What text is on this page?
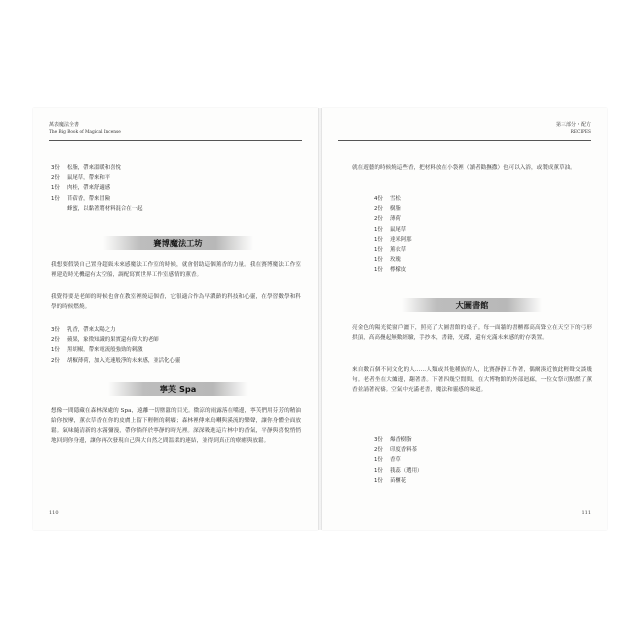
萬表魔法全書
The Big Book of Magical Incense
3份 松脂，帶來溫暖和喜悅
2份 鼠尾草，帶來和平
1份 肉桂，帶來舒適感
1份 苜蓿香，帶來冒險
蜂蜜，以黏著將材料混合在一起
賽博魔法工坊
我想要假裝自己置身超級未來感魔法工作室的時候，就會借助這個薰香的力量。我在賽博魔法工作室裡建造時光機還有太空船，調配寫實世界工作室感情的薰香。
我覺得要是老師的時候也會在教室裡燒這個香，它很適合作為早濃齡的科技和心靈，在學習數學和科學的時候燃燒。
3份 乳香，帶來太陽之力
2份 蘋果，象徵知識的果實還有偉大的老師
1份 黑胡椒，帶來電流般強勁的刺激
2份 胡椒薄荷，加入光速般淨的未來感，並活化心靈
寧芙 Spa
想像一間隱藏在森林深處的 Spa，遠離一切塵囂的目光。微涼的雨露落在嘴邊，寧芙們用芬芳的精油給你按摩，薰衣草香在你的皮膚上留下輕輕的刺癢；森林裡傳來鳥囀與溪流的樂聲，讓你身體全面放鬆。氣味隨清新的水霧彌漫，帶你徜徉於寧靜的時光裡。深深吸進這片林中的香氣，平靜與喜悅悄悄地回到你身邊，讓你再次發現自己與大自然之間溫柔的連結，並得到真正的療癒與放鬆。
110
第三部分・配方
RECIPES
就在遊藝的時候燒這些香，把材料放在小袋裡（讀者勸撫撒）也可以入浴，或製成薰草油。
4份 雪松
2份 樹脂
2份 薄荷
1份 鼠尾草
1份 達米阿那
1份 薰衣草
1份 玫瑰
1份 檸檬皮
大圖書館
亮金色的陽光從窗戶灑下，照亮了大圖書館的桌子。每一面牆的書櫃都高高聳立在天空下的弓形拱頂，高高疊起無數經驗，手抄本，書籍，光碟，還有充滿未來感的貯存裝置。
來自數百個不同文化的人……人類或其他種族的人，比賽靜靜工作著，偶爾湊近彼此輕聲交談幾句。老者坐在大爐邊，翻著書。下著四幾空閒間，在大博物館的外部迴廊，一位女祭司點燃了薰香並誦著祝禱。空氣中充滿老書，魔法和靈感的味道。
3份 爆香樹脂
2份 印度香料茶
1份 香草
1份 莪蕊（選用）
1份 苗櫃花
111
